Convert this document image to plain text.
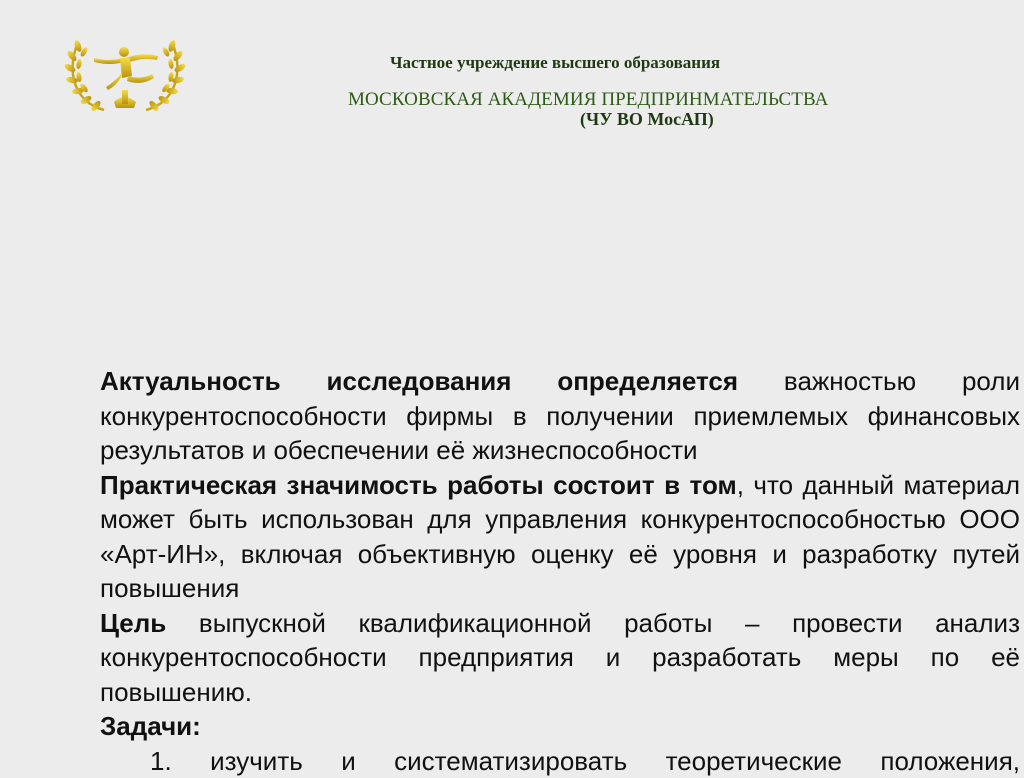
Частное учреждение высшего образования
МОСКОВСКАЯ АКАДЕМИЯ ПРЕДПРИНМАТЕЛЬСТВА
(ЧУ ВО МосАП)

Актуальность исследования определяется важностью роли конкурентоспособности фирмы в получении приемлемых финансовых результатов и обеспечении её жизнеспособности

Практическая значимость работы состоит в том, что данный материал может быть использован для управления конкурентоспособностью ООО «Арт-ИН», включая объективную оценку её уровня и разработку путей повышения

Цель выпускной квалификационной работы – провести анализ конкурентоспособности предприятия и разработать меры по её повышению.

Задачи:

1. изучить и систематизировать теоретические положения,
